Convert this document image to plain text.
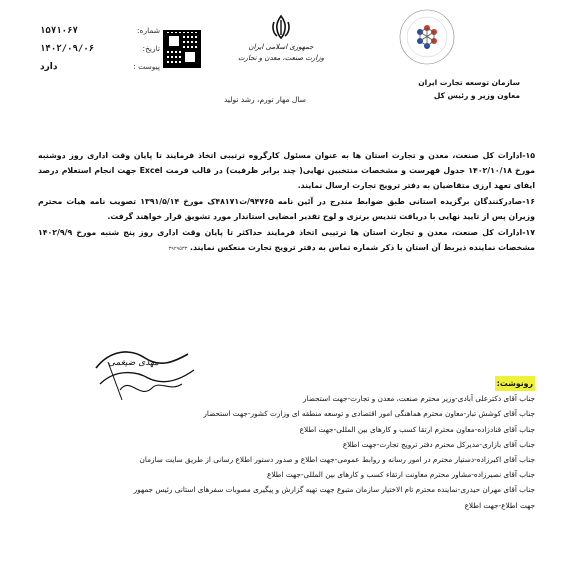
شماره:
۱۵۷۱۰۶۷
تاریخ:
۱۴۰۲/۰۹/۰۶
پیوست :
دارد
جمهوری اسلامی ایران
وزارت صنعت، معدن و تجارت
سال مهار تورم، رشد تولید
سازمان توسعه تجارت ایران
معاون وزیر و رئیس کل

۱۵-ادارات کل صنعت، معدن و تجارت استان ها به عنوان مسئول کارگروه ترتیبی اتخاذ فرمایند تا پایان وقت اداری روز دوشنبه مورخ ۱۴۰۲/۱۰/۱۸ جدول فهرست و مشخصات منتخبین نهایی( چند برابر ظرفیت) در قالب فرمت Excel جهت انجام استعلام درصد ایفای تعهد ارزی متقاضیان به دفتر ترویج تجارت ارسال نمایند.

۱۶-صادرکنندگان برگزیده استانی طبق ضوابط مندرج در آئین نامه ۹۴۷۶۵/ت۴۸۱۷۱ک مورخ ۱۳۹۱/۵/۱۴ تصویب نامه هیات محترم وزیران پس از تایید نهایی با دریافت تندیس برنزی و لوح تقدیر امضایی استاندار مورد تشویق قرار خواهند گرفت.

۱۷-ادارات کل صنعت، معدن و تجارت استان ها ترتیبی اتخاذ فرمایند حداکثر تا پایان وقت اداری روز پنج شنبه مورخ ۱۴۰۲/۹/۹ مشخصات نماینده ذیربط آن استان با ذکر شماره تماس به دفتر ترویج تجارت منعکس نمایند. ۳۹۲۹۵۳۳

مهدی ضیغمی
رونوشت:
جناب آقای دکترعلی آبادی-وزیر محترم صنعت، معدن و تجارت-جهت استحضار
جناب آقای کوشش تبار-معاون محترم هماهنگی امور اقتصادی و توسعه منطقه ای وزارت کشور-جهت استحضار
جناب آقای قنادزاده-معاون محترم ارتقا کسب و کارهای بین المللی-جهت اطلاع
جناب آقای بازاری-مدیرکل محترم دفتر ترویج تجارت-جهت اطلاع
جناب آقای اکبرزاده-دستیار محترم در امور رسانه و روابط عمومی-جهت اطلاع و صدور دستور اطلاع رسانی از طریق سایت سازمان
جناب آقای نصیرزاده-مشاور محترم معاونت ارتقاء کسب و کارهای بین المللی-جهت اطلاع
جناب آقای مهران حیدری-نماینده محترم تام الاختیار سازمان متبوع جهت تهیه گزارش و پیگیری مصوبات سفرهای استانی رئیس جمهور
جهت اطلاع-جهت اطلاع
